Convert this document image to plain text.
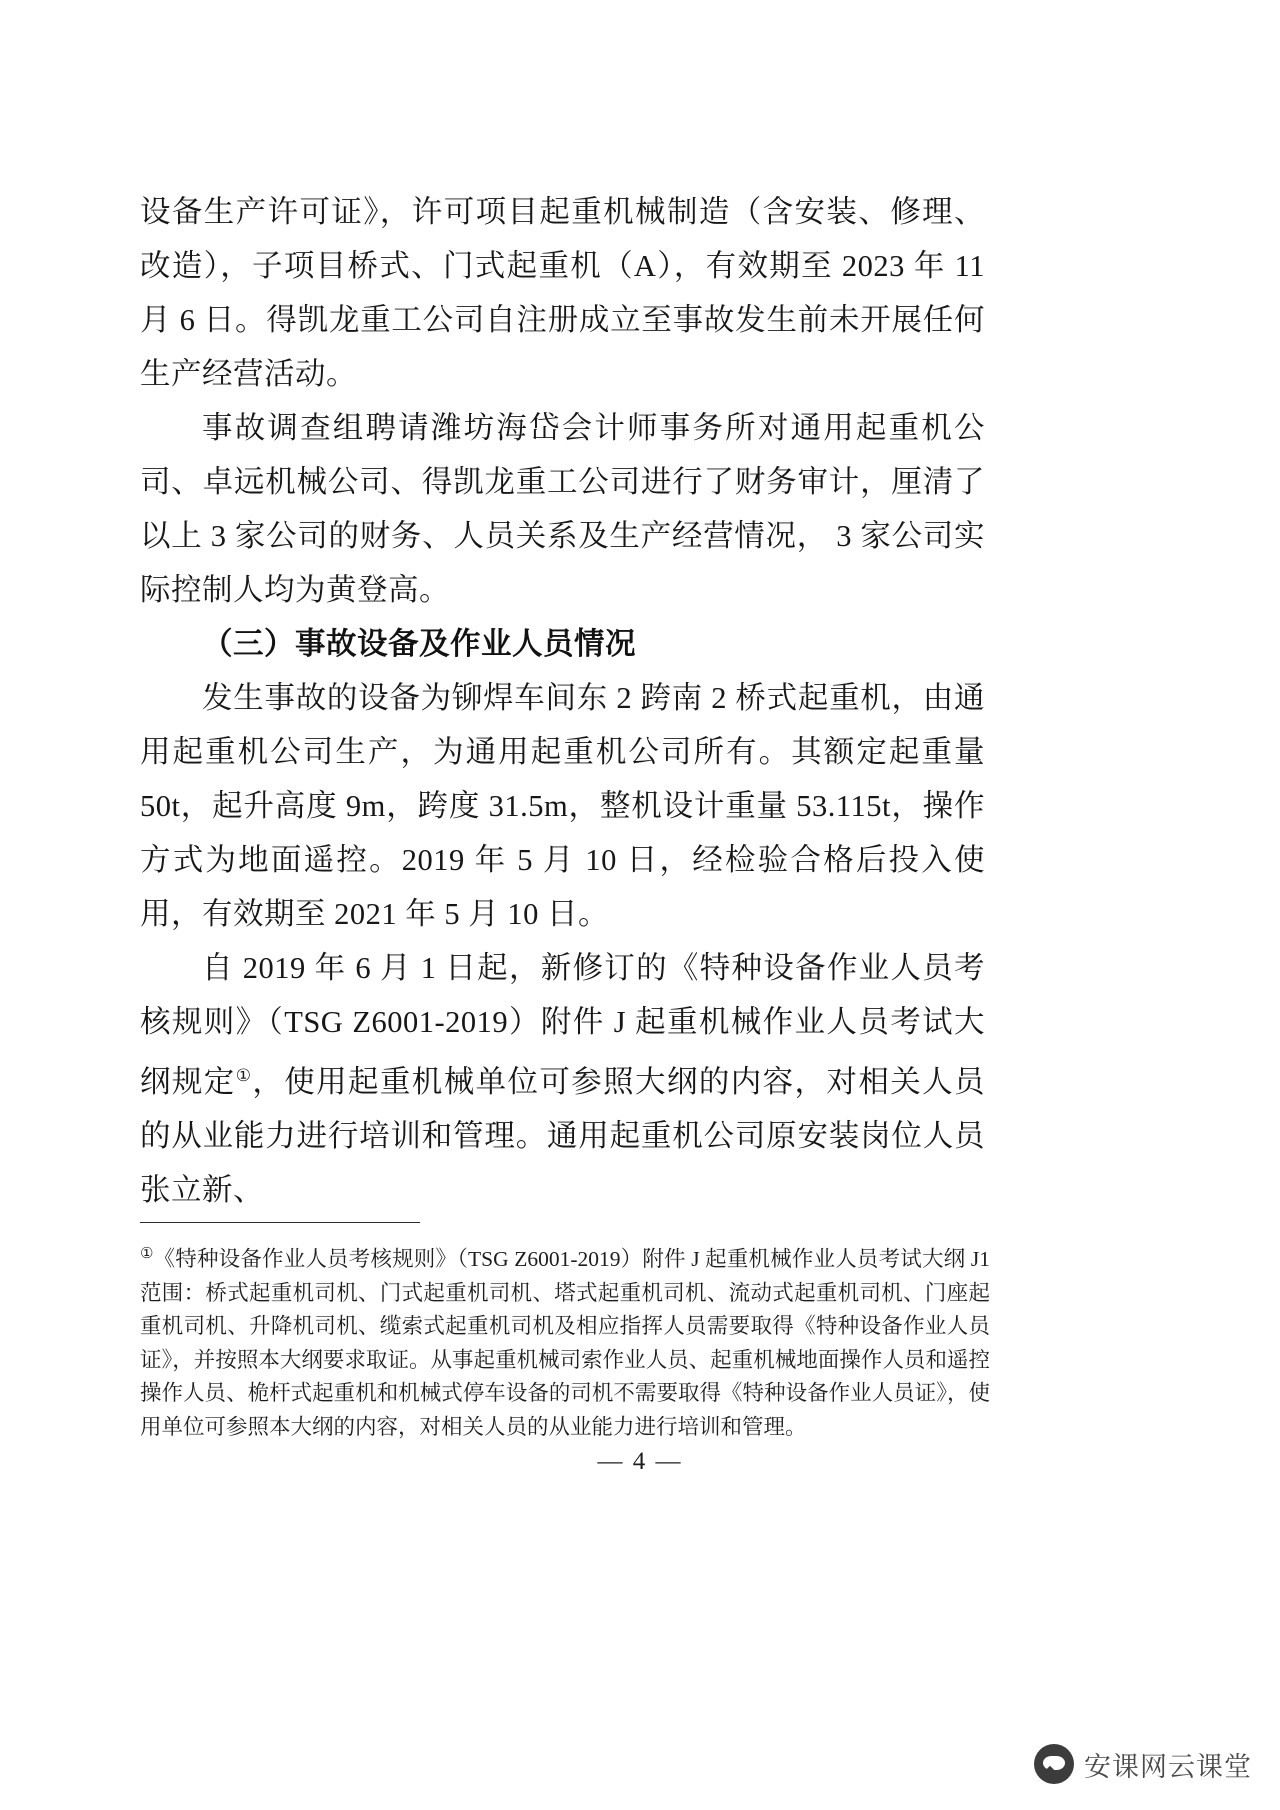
设备生产许可证》，许可项目起重机械制造（含安装、修理、改造），子项目桥式、门式起重机（A），有效期至 2023 年 11 月 6 日。得凯龙重工公司自注册成立至事故发生前未开展任何生产经营活动。

事故调查组聘请潍坊海岱会计师事务所对通用起重机公司、卓远机械公司、得凯龙重工公司进行了财务审计，厘清了以上 3 家公司的财务、人员关系及生产经营情况， 3 家公司实际控制人均为黄登高。

（三）事故设备及作业人员情况

发生事故的设备为铆焊车间东 2 跨南 2 桥式起重机，由通用起重机公司生产，为通用起重机公司所有。其额定起重量 50t，起升高度 9m，跨度 31.5m，整机设计重量 53.115t，操作方式为地面遥控。2019 年 5 月 10 日，经检验合格后投入使用，有效期至 2021 年 5 月 10 日。

自 2019 年 6 月 1 日起，新修订的《特种设备作业人员考核规则》（TSG Z6001-2019）附件 J 起重机械作业人员考试大纲规定①，使用起重机械单位可参照大纲的内容，对相关人员的从业能力进行培训和管理。通用起重机公司原安装岗位人员张立新、

①《特种设备作业人员考核规则》（TSG Z6001-2019）附件 J 起重机械作业人员考试大纲 J1 范围：桥式起重机司机、门式起重机司机、塔式起重机司机、流动式起重机司机、门座起重机司机、升降机司机、缆索式起重机司机及相应指挥人员需要取得《特种设备作业人员证》，并按照本大纲要求取证。从事起重机械司索作业人员、起重机械地面操作人员和遥控操作人员、桅杆式起重机和机械式停车设备的司机不需要取得《特种设备作业人员证》，使用单位可参照本大纲的内容，对相关人员的从业能力进行培训和管理。
— 4 —
安课网云课堂
